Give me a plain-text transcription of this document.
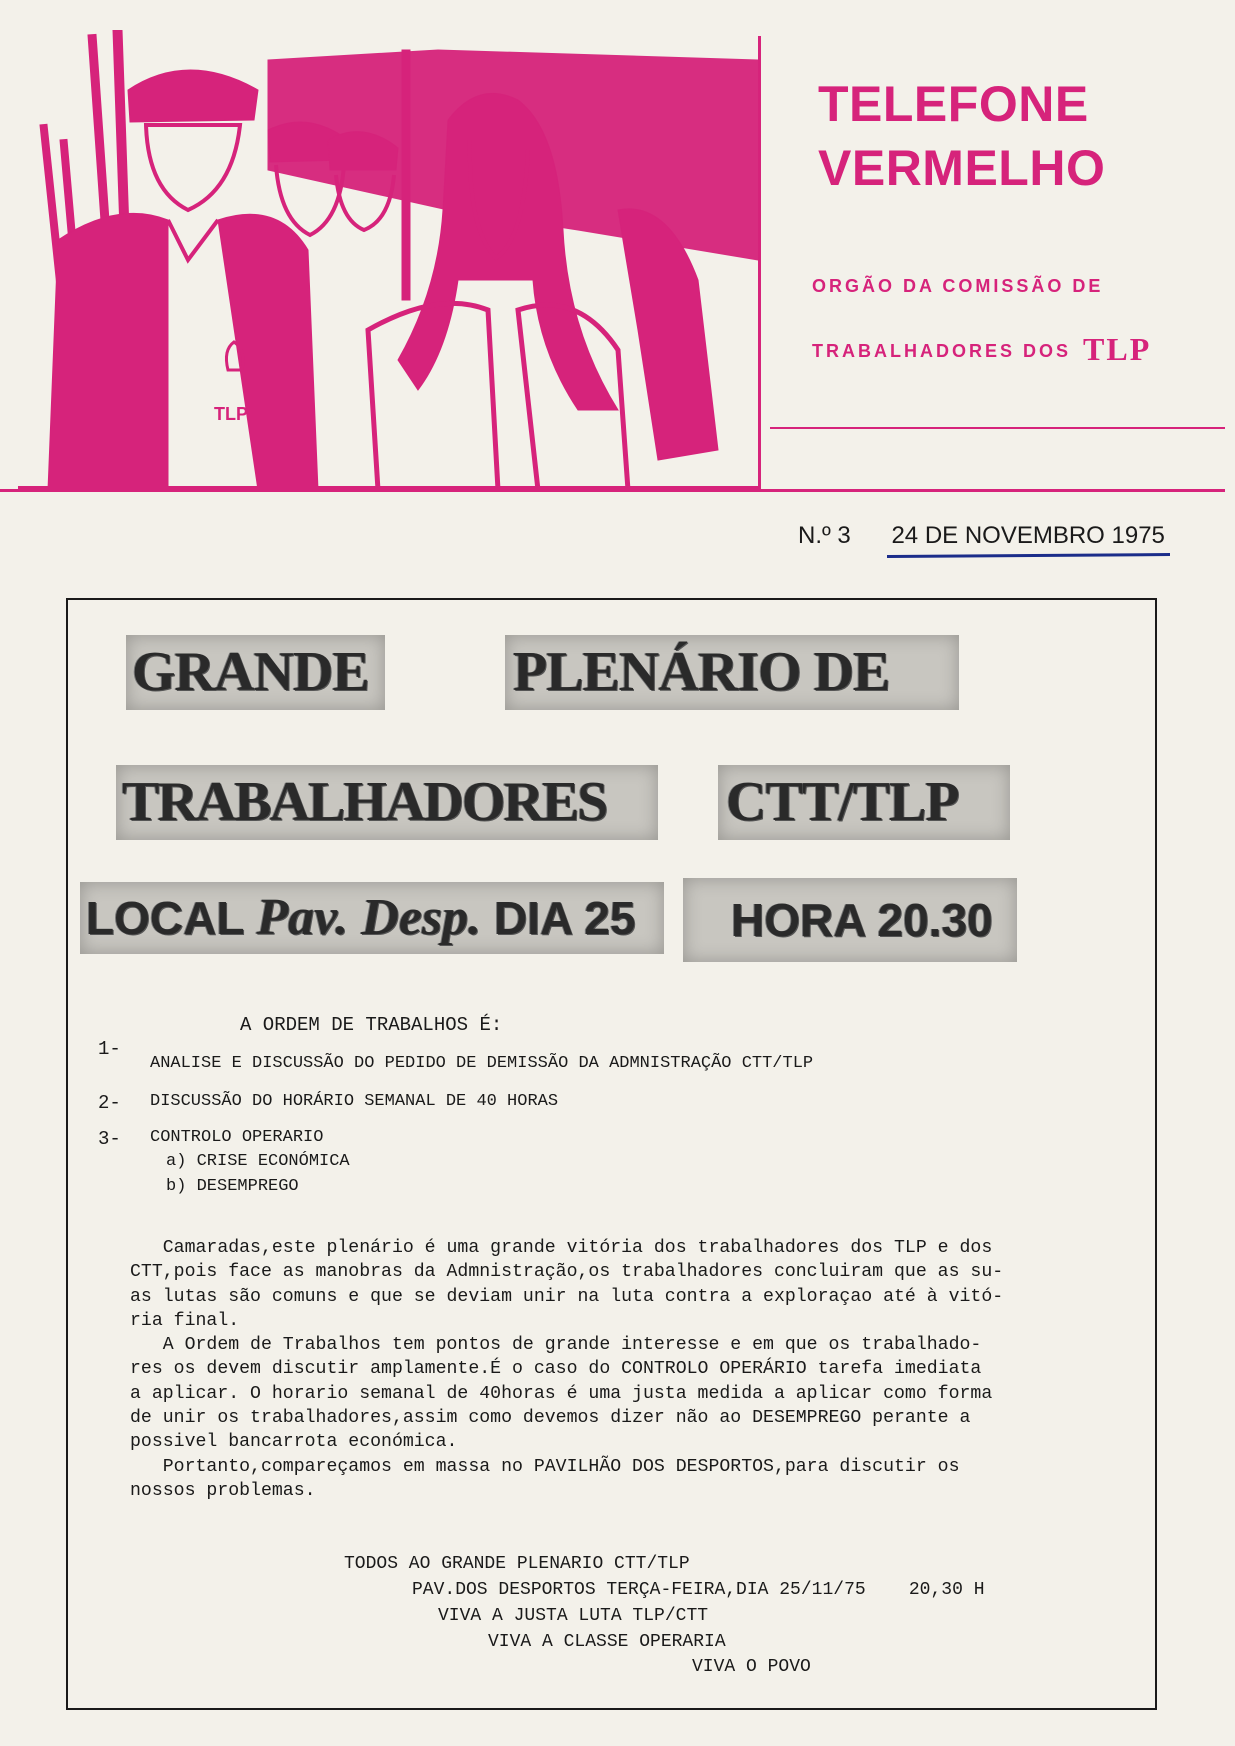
TLP
TELEFONE
VERMELHO
ORGÃO DA COMISSÃO DE
TRABALHADORES DOS TLP
N.º 3 24 DE NOVEMBRO 1975
GRANDE	PLENÁRIO DE
TRABALHADORES	CTT/TLP
LOCAL Pav. Desp. DIA 25	HORA 20.30
A ORDEM DE TRABALHOS É:
1-
ANALISE E DISCUSSÃO DO PEDIDO DE DEMISSÃO DA ADMNISTRAÇÃO CTT/TLP
2- DISCUSSÃO DO HORÁRIO SEMANAL DE 40 HORAS
3- CONTROLO OPERARIO
a) CRISE ECONÓMICA
b) DESEMPREGO

Camaradas,este plenário é uma grande vitória dos trabalhadores dos TLP e dos

CTT,pois face as manobras da Admnistração,os trabalhadores concluiram que as su-

as lutas são comuns e que se deviam unir na luta contra a exploraçao até à vitó-

ria final.

A Ordem de Trabalhos tem pontos de grande interesse e em que os trabalhado-

res os devem discutir amplamente.É o caso do CONTROLO OPERÁRIO tarefa imediata

a aplicar. O horario semanal de 40horas é uma justa medida a aplicar como forma

de unir os trabalhadores,assim como devemos dizer não ao DESEMPREGO perante a

possivel bancarrota económica.

Portanto,compareçamos em massa no PAVILHÃO DOS DESPORTOS,para discutir os

nossos problemas.

TODOS AO GRANDE PLENARIO CTT/TLP
PAV.DOS DESPORTOS TERÇA-FEIRA,DIA 25/11/75    20,30 H
VIVA A JUSTA LUTA TLP/CTT
VIVA A CLASSE OPERARIA
VIVA O POVO
